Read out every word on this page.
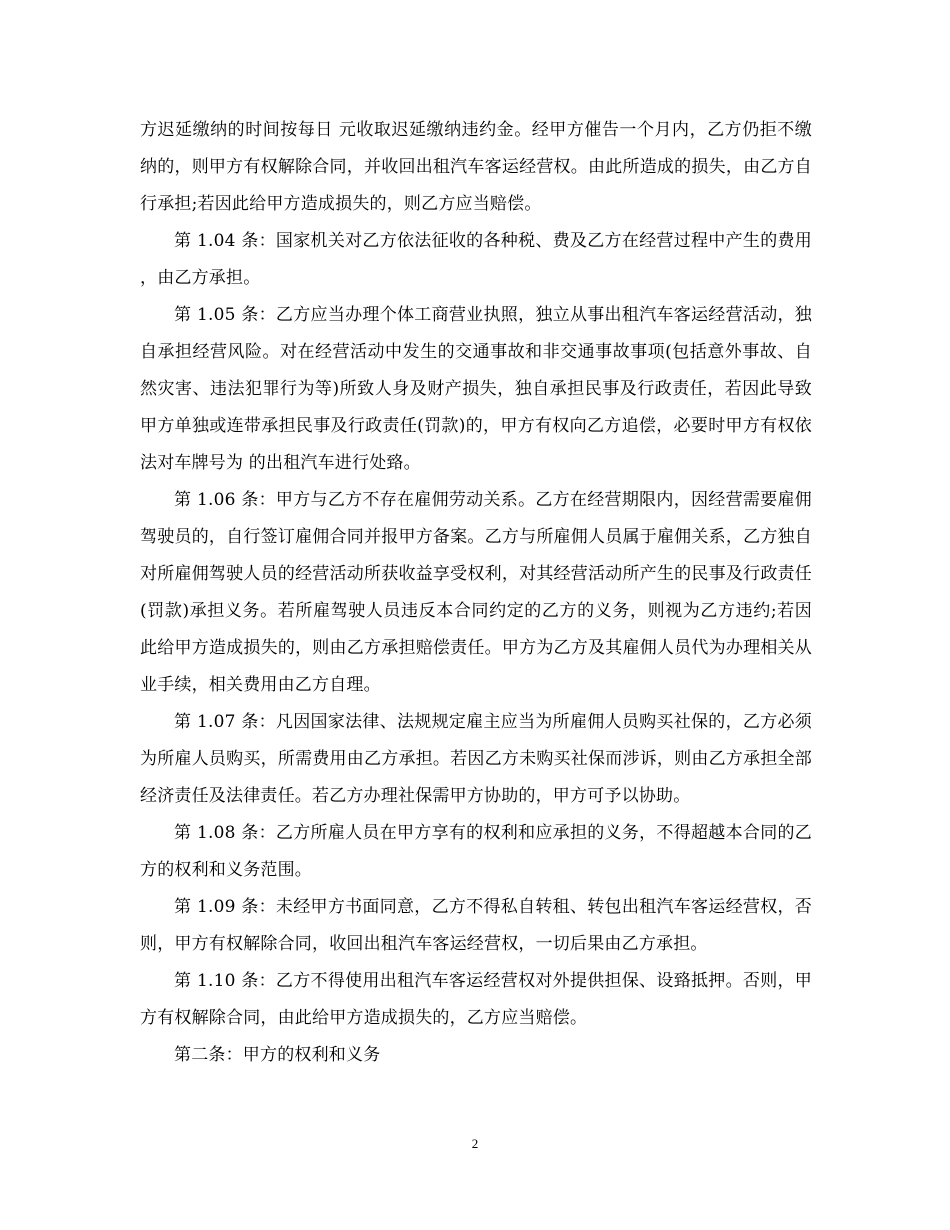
方迟延缴纳的时间按每日 元收取迟延缴纳违约金。经甲方催告一个月内，乙方仍拒不缴纳的，则甲方有权解除合同，并收回出租汽车客运经营权。由此所造成的损失，由乙方自行承担;若因此给甲方造成损失的，则乙方应当赔偿。

第 1.04 条：国家机关对乙方依法征收的各种税、费及乙方在经营过程中产生的费用，由乙方承担。

第 1.05 条：乙方应当办理个体工商营业执照，独立从事出租汽车客运经营活动，独自承担经营风险。对在经营活动中发生的交通事故和非交通事故事项(包括意外事故、自然灾害、违法犯罪行为等)所致人身及财产损失，独自承担民事及行政责任，若因此导致甲方单独或连带承担民事及行政责任(罚款)的，甲方有权向乙方追偿，必要时甲方有权依法对车牌号为 的出租汽车进行处臵。

第 1.06 条：甲方与乙方不存在雇佣劳动关系。乙方在经营期限内，因经营需要雇佣驾驶员的，自行签订雇佣合同并报甲方备案。乙方与所雇佣人员属于雇佣关系，乙方独自对所雇佣驾驶人员的经营活动所获收益享受权利，对其经营活动所产生的民事及行政责任(罚款)承担义务。若所雇驾驶人员违反本合同约定的乙方的义务，则视为乙方违约;若因此给甲方造成损失的，则由乙方承担赔偿责任。甲方为乙方及其雇佣人员代为办理相关从业手续，相关费用由乙方自理。

第 1.07 条：凡因国家法律、法规规定雇主应当为所雇佣人员购买社保的，乙方必须为所雇人员购买，所需费用由乙方承担。若因乙方未购买社保而涉诉，则由乙方承担全部经济责任及法律责任。若乙方办理社保需甲方协助的，甲方可予以协助。

第 1.08 条：乙方所雇人员在甲方享有的权利和应承担的义务，不得超越本合同的乙方的权利和义务范围。

第 1.09 条：未经甲方书面同意，乙方不得私自转租、转包出租汽车客运经营权，否则，甲方有权解除合同，收回出租汽车客运经营权，一切后果由乙方承担。

第 1.10 条：乙方不得使用出租汽车客运经营权对外提供担保、设臵抵押。否则，甲方有权解除合同，由此给甲方造成损失的，乙方应当赔偿。

第二条：甲方的权利和义务

2
